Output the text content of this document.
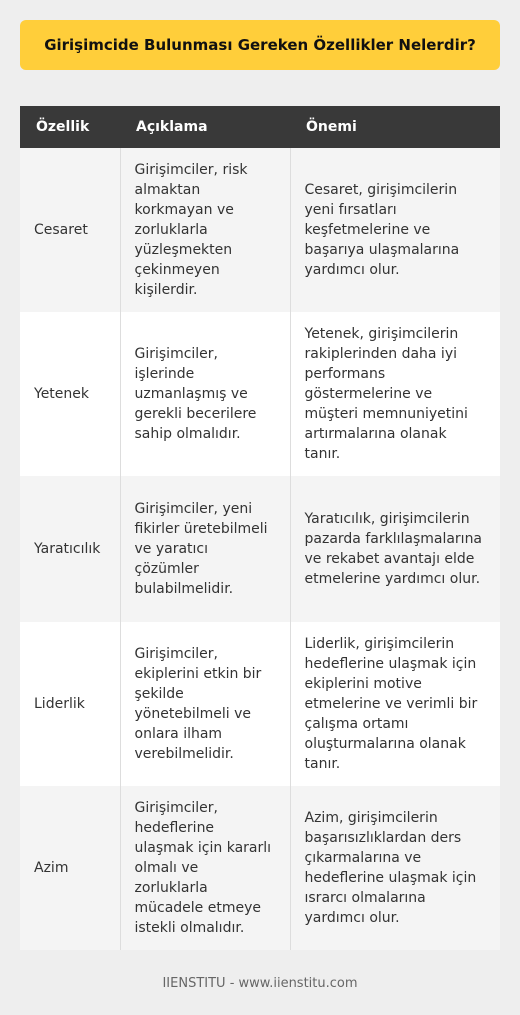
Girişimcide Bulunması Gereken Özellikler Nelerdir?
Özellik	Açıklama	Önemi
Cesaret	Girişimciler, risk almaktan korkmayan ve zorluklarla yüzleşmekten çekinmeyen kişilerdir.	Cesaret, girişimcilerin yeni fırsatları keşfetmelerine ve başarıya ulaşmalarına yardımcı olur.
Yetenek	Girişimciler, işlerinde uzmanlaşmış ve gerekli becerilere sahip olmalıdır.	Yetenek, girişimcilerin rakiplerinden daha iyi performans göstermelerine ve müşteri memnuniyetini artırmalarına olanak tanır.
Yaratıcılık	Girişimciler, yeni fikirler üretebilmeli ve yaratıcı çözümler bulabilmelidir.	Yaratıcılık, girişimcilerin pazarda farklılaşmalarına ve rekabet avantajı elde etmelerine yardımcı olur.
Liderlik	Girişimciler, ekiplerini etkin bir şekilde yönetebilmeli ve onlara ilham verebilmelidir.	Liderlik, girişimcilerin hedeflerine ulaşmak için ekiplerini motive etmelerine ve verimli bir çalışma ortamı oluşturmalarına olanak tanır.
Azim	Girişimciler, hedeflerine ulaşmak için kararlı olmalı ve zorluklarla mücadele etmeye istekli olmalıdır.	Azim, girişimcilerin başarısızlıklardan ders çıkarmalarına ve hedeflerine ulaşmak için ısrarcı olmalarına yardımcı olur.
IIENSTITU - www.iienstitu.com
